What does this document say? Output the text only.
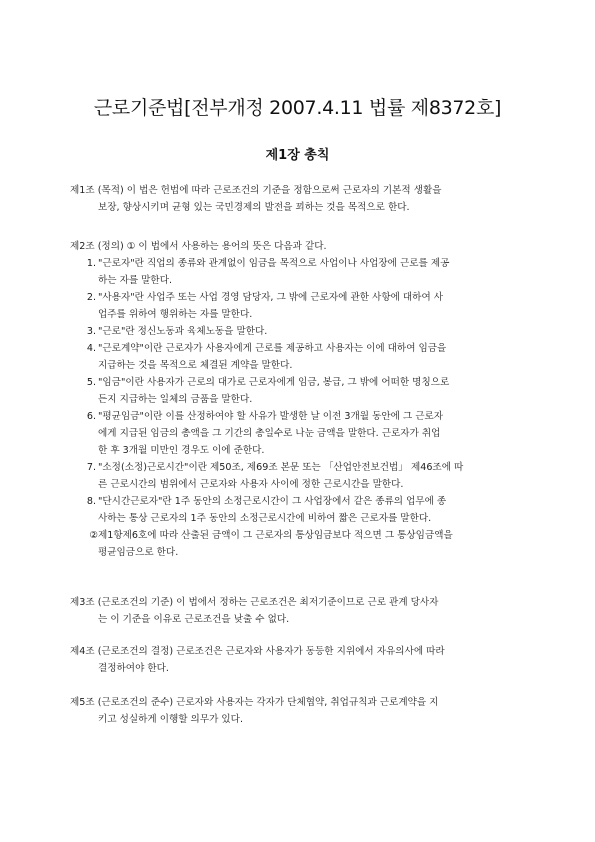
근로기준법[전부개정 2007.4.11 법률 제8372호]
제1장 총칙
제1조 (목적) 이 법은 헌법에 따라 근로조건의 기준을 정함으로써 근로자의 기본적 생활을
보장, 향상시키며 균형 있는 국민경제의 발전을 꾀하는 것을 목적으로 한다.
제2조 (정의) ① 이 법에서 사용하는 용어의 뜻은 다음과 같다.
1. "근로자"란 직업의 종류와 관계없이 임금을 목적으로 사업이나 사업장에 근로를 제공
하는 자를 말한다.
2. "사용자"란 사업주 또는 사업 경영 담당자, 그 밖에 근로자에 관한 사항에 대하여 사
업주를 위하여 행위하는 자를 말한다.
3. "근로"란 정신노동과 육체노동을 말한다.
4. "근로계약"이란 근로자가 사용자에게 근로를 제공하고 사용자는 이에 대하여 임금을
지급하는 것을 목적으로 체결된 계약을 말한다.
5. "임금"이란 사용자가 근로의 대가로 근로자에게 임금, 봉급, 그 밖에 어떠한 명칭으로
든지 지급하는 일체의 금품을 말한다.
6. "평균임금"이란 이를 산정하여야 할 사유가 발생한 날 이전 3개월 동안에 그 근로자
에게 지급된 임금의 총액을 그 기간의 총일수로 나눈 금액을 말한다. 근로자가 취업
한 후 3개월 미만인 경우도 이에 준한다.
7. "소정(소정)근로시간"이란 제50조, 제69조 본문 또는 「산업안전보건법」 제46조에 따
른 근로시간의 범위에서 근로자와 사용자 사이에 정한 근로시간을 말한다.
8. "단시간근로자"란 1주 동안의 소정근로시간이 그 사업장에서 같은 종류의 업무에 종
사하는 통상 근로자의 1주 동안의 소정근로시간에 비하여 짧은 근로자를 말한다.
② 제1항제6호에 따라 산출된 금액이 그 근로자의 통상임금보다 적으면 그 통상임금액을
평균임금으로 한다.
제3조 (근로조건의 기준) 이 법에서 정하는 근로조건은 최저기준이므로 근로 관계 당사자
는 이 기준을 이유로 근로조건을 낮출 수 없다.
제4조 (근로조건의 결정) 근로조건은 근로자와 사용자가 동등한 지위에서 자유의사에 따라
결정하여야 한다.
제5조 (근로조건의 준수) 근로자와 사용자는 각자가 단체협약, 취업규칙과 근로계약을 지
키고 성실하게 이행할 의무가 있다.
